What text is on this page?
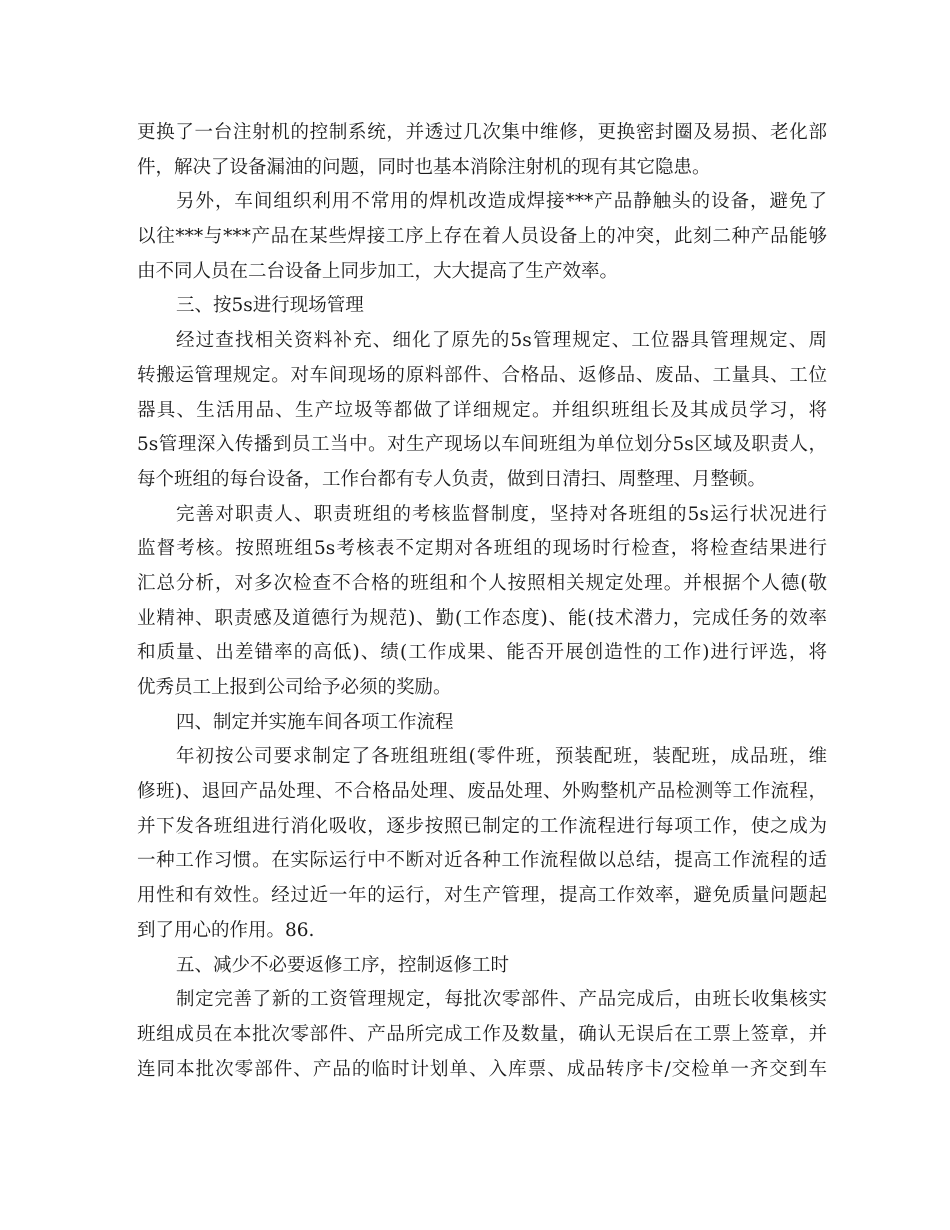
更换了一台注射机的控制系统，并透过几次集中维修，更换密封圈及易损、老化部
件，解决了设备漏油的问题，同时也基本消除注射机的现有其它隐患。
另外，车间组织利用不常用的焊机改造成焊接***产品静触头的设备，避免了
以往***与***产品在某些焊接工序上存在着人员设备上的冲突，此刻二种产品能够
由不同人员在二台设备上同步加工，大大提高了生产效率。
三、按5s进行现场管理
经过查找相关资料补充、细化了原先的5s管理规定、工位器具管理规定、周
转搬运管理规定。对车间现场的原料部件、合格品、返修品、废品、工量具、工位
器具、生活用品、生产垃圾等都做了详细规定。并组织班组长及其成员学习，将
5s管理深入传播到员工当中。对生产现场以车间班组为单位划分5s区域及职责人，
每个班组的每台设备，工作台都有专人负责，做到日清扫、周整理、月整顿。
完善对职责人、职责班组的考核监督制度，坚持对各班组的5s运行状况进行
监督考核。按照班组5s考核表不定期对各班组的现场时行检查，将检查结果进行
汇总分析，对多次检查不合格的班组和个人按照相关规定处理。并根据个人德(敬
业精神、职责感及道德行为规范)、勤(工作态度)、能(技术潜力，完成任务的效率
和质量、出差错率的高低)、绩(工作成果、能否开展创造性的工作)进行评选，将
优秀员工上报到公司给予必须的奖励。
四、制定并实施车间各项工作流程
年初按公司要求制定了各班组班组(零件班，预装配班，装配班，成品班，维
修班)、退回产品处理、不合格品处理、废品处理、外购整机产品检测等工作流程，
并下发各班组进行消化吸收，逐步按照已制定的工作流程进行每项工作，使之成为
一种工作习惯。在实际运行中不断对近各种工作流程做以总结，提高工作流程的适
用性和有效性。经过近一年的运行，对生产管理，提高工作效率，避免质量问题起
到了用心的作用。86.
五、减少不必要返修工序，控制返修工时
制定完善了新的工资管理规定，每批次零部件、产品完成后，由班长收集核实
班组成员在本批次零部件、产品所完成工作及数量，确认无误后在工票上签章，并
连同本批次零部件、产品的临时计划单、入库票、成品转序卡/交检单一齐交到车
